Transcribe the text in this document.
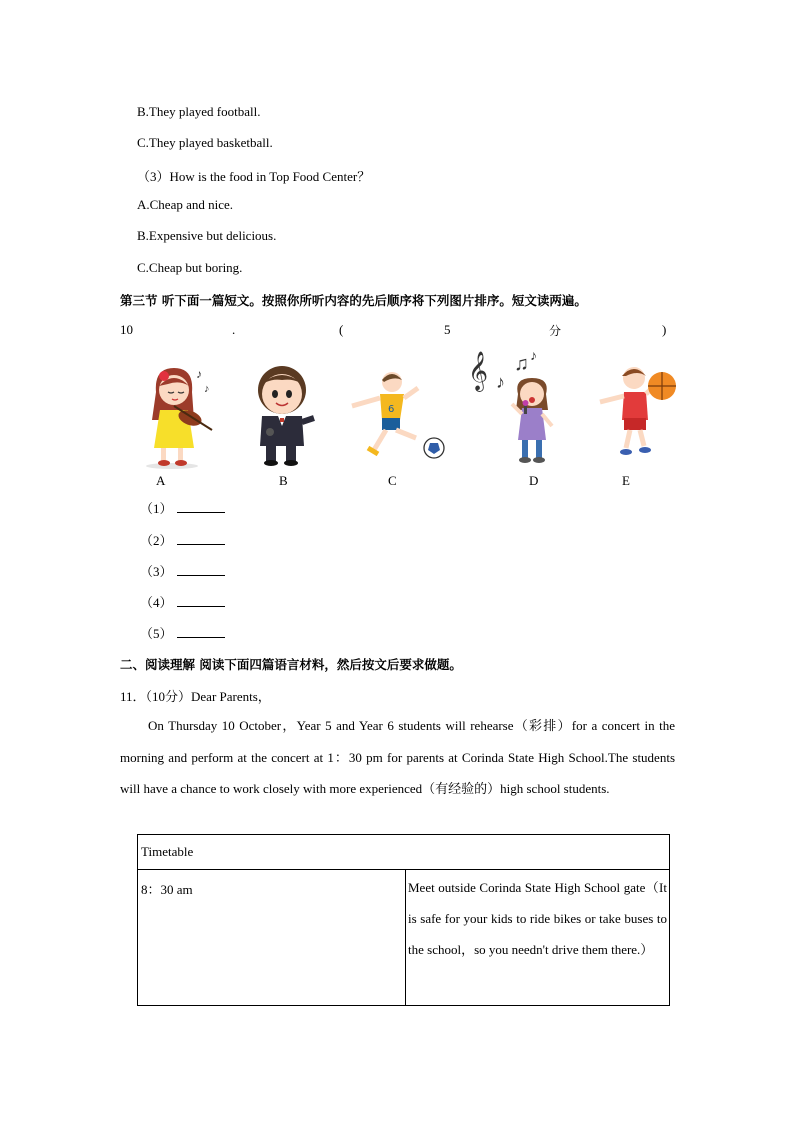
B.They played football.
C.They played basketball.
（3）How is the food in Top Food Center？
A.Cheap and nice.
B.Expensive but delicious.
C.Cheap but boring.
第三节 听下面一篇短文。按照你所听内容的先后顺序将下列图片排序。短文读两遍。
10	.	(	5	分	)
♪
♪
6
𝄞 ♪
♫ ♪
A	B	C	D	E
（1）
（2）
（3）
（4）
（5）
二、阅读理解 阅读下面四篇语言材料，然后按文后要求做题。
11．（10分）Dear Parents，
On Thursday 10 October，Year 5 and Year 6 students will rehearse（彩排）for a concert in the morning and perform at the concert at 1：30 pm for parents at Corinda State High School.The students will have a chance to work closely with more experienced（有经验的）high school students.
Timetable
8：30 am	Meet outside Corinda State High School gate（It is safe for your kids to ride bikes or take buses to the school，so you needn't drive them there.）
